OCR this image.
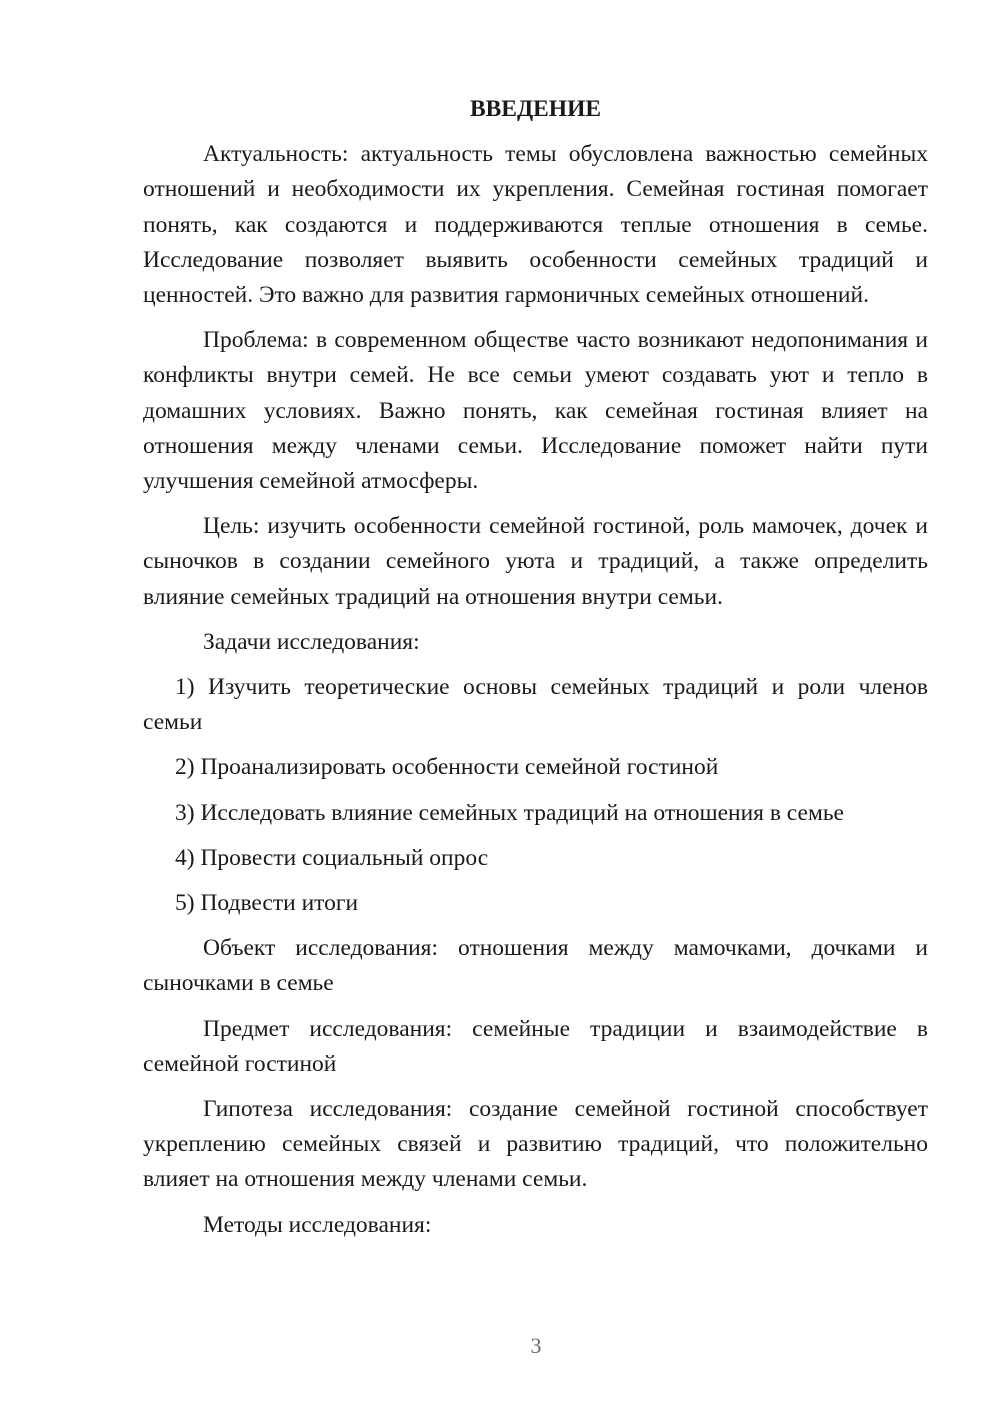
ВВЕДЕНИЕ

Актуальность: актуальность темы обусловлена важностью семейных отношений и необходимости их укрепления. Семейная гостиная помогает понять, как создаются и поддерживаются теплые отношения в семье. Исследование позволяет выявить особенности семейных традиций и ценностей. Это важно для развития гармоничных семейных отношений.

Проблема: в современном обществе часто возникают недопонимания и конфликты внутри семей. Не все семьи умеют создавать уют и тепло в домашних условиях. Важно понять, как семейная гостиная влияет на отношения между членами семьи. Исследование поможет найти пути улучшения семейной атмосферы.

Цель: изучить особенности семейной гостиной, роль мамочек, дочек и сыночков в создании семейного уюта и традиций, а также определить влияние семейных традиций на отношения внутри семьи.

Задачи исследования:

1) Изучить теоретические основы семейных традиций и роли членов семьи

2) Проанализировать особенности семейной гостиной

3) Исследовать влияние семейных традиций на отношения в семье

4) Провести социальный опрос

5) Подвести итоги

Объект исследования: отношения между мамочками, дочками и сыночками в семье

Предмет исследования: семейные традиции и взаимодействие в семейной гостиной

Гипотеза исследования: создание семейной гостиной способствует укреплению семейных связей и развитию традиций, что положительно влияет на отношения между членами семьи.

Методы исследования:

3
